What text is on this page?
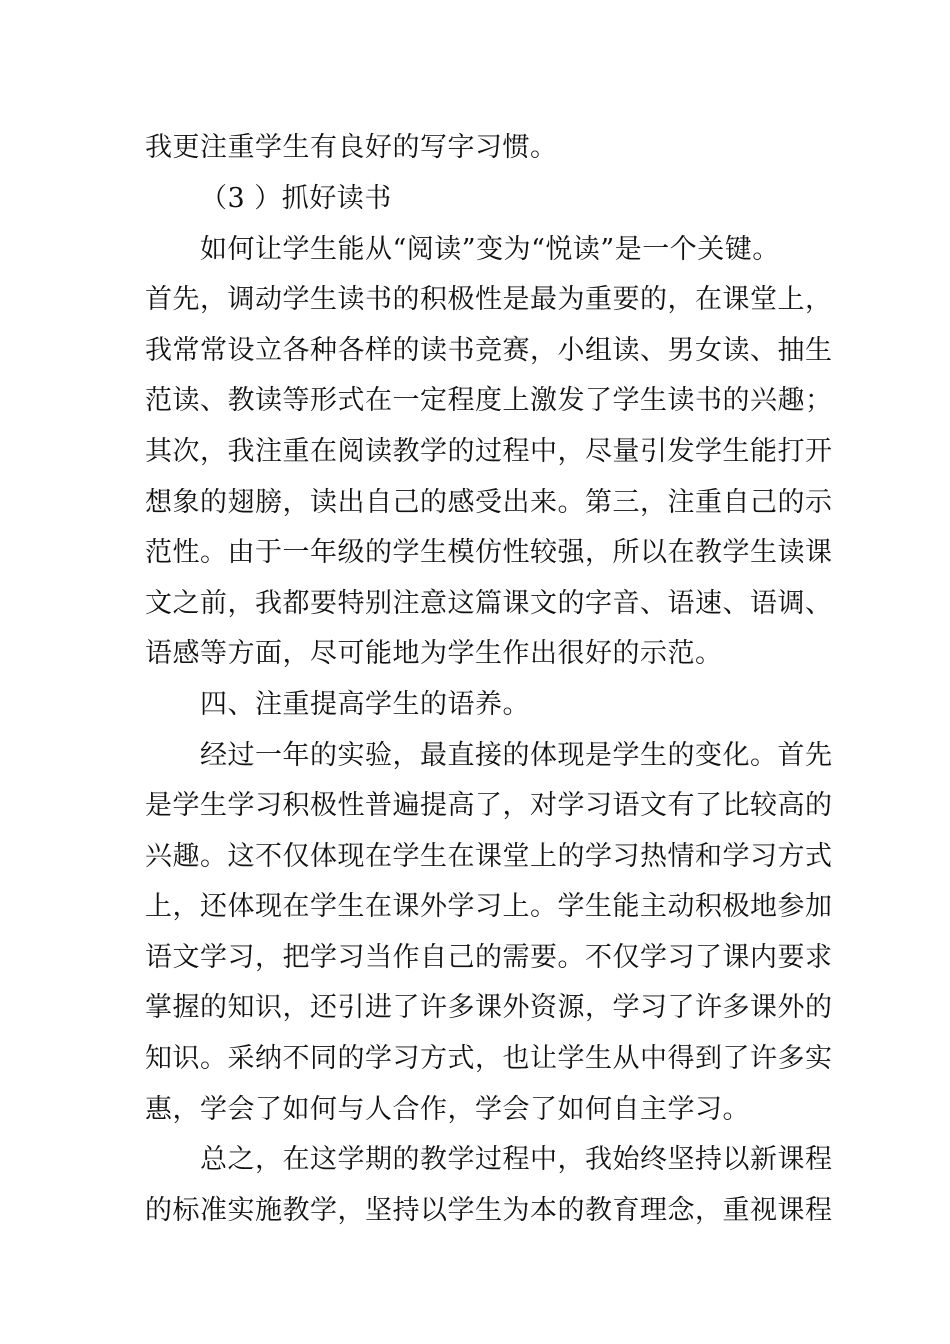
我更注重学生有良好的写字习惯。
（3 ）抓好读书
如何让学生能从“阅读”变为“悦读”是一个关键。
首先，调动学生读书的积极性是最为重要的，在课堂上，
我常常设立各种各样的读书竞赛，小组读、男女读、抽生
范读、教读等形式在一定程度上激发了学生读书的兴趣；
其次，我注重在阅读教学的过程中，尽量引发学生能打开
想象的翅膀，读出自己的感受出来。第三，注重自己的示
范性。由于一年级的学生模仿性较强，所以在教学生读课
文之前，我都要特别注意这篇课文的字音、语速、语调、
语感等方面，尽可能地为学生作出很好的示范。
四、注重提高学生的语养。
经过一年的实验，最直接的体现是学生的变化。首先
是学生学习积极性普遍提高了，对学习语文有了比较高的
兴趣。这不仅体现在学生在课堂上的学习热情和学习方式
上，还体现在学生在课外学习上。学生能主动积极地参加
语文学习，把学习当作自己的需要。不仅学习了课内要求
掌握的知识，还引进了许多课外资源，学习了许多课外的
知识。采纳不同的学习方式，也让学生从中得到了许多实
惠，学会了如何与人合作，学会了如何自主学习。
总之，在这学期的教学过程中，我始终坚持以新课程
的标准实施教学，坚持以学生为本的教育理念，重视课程
